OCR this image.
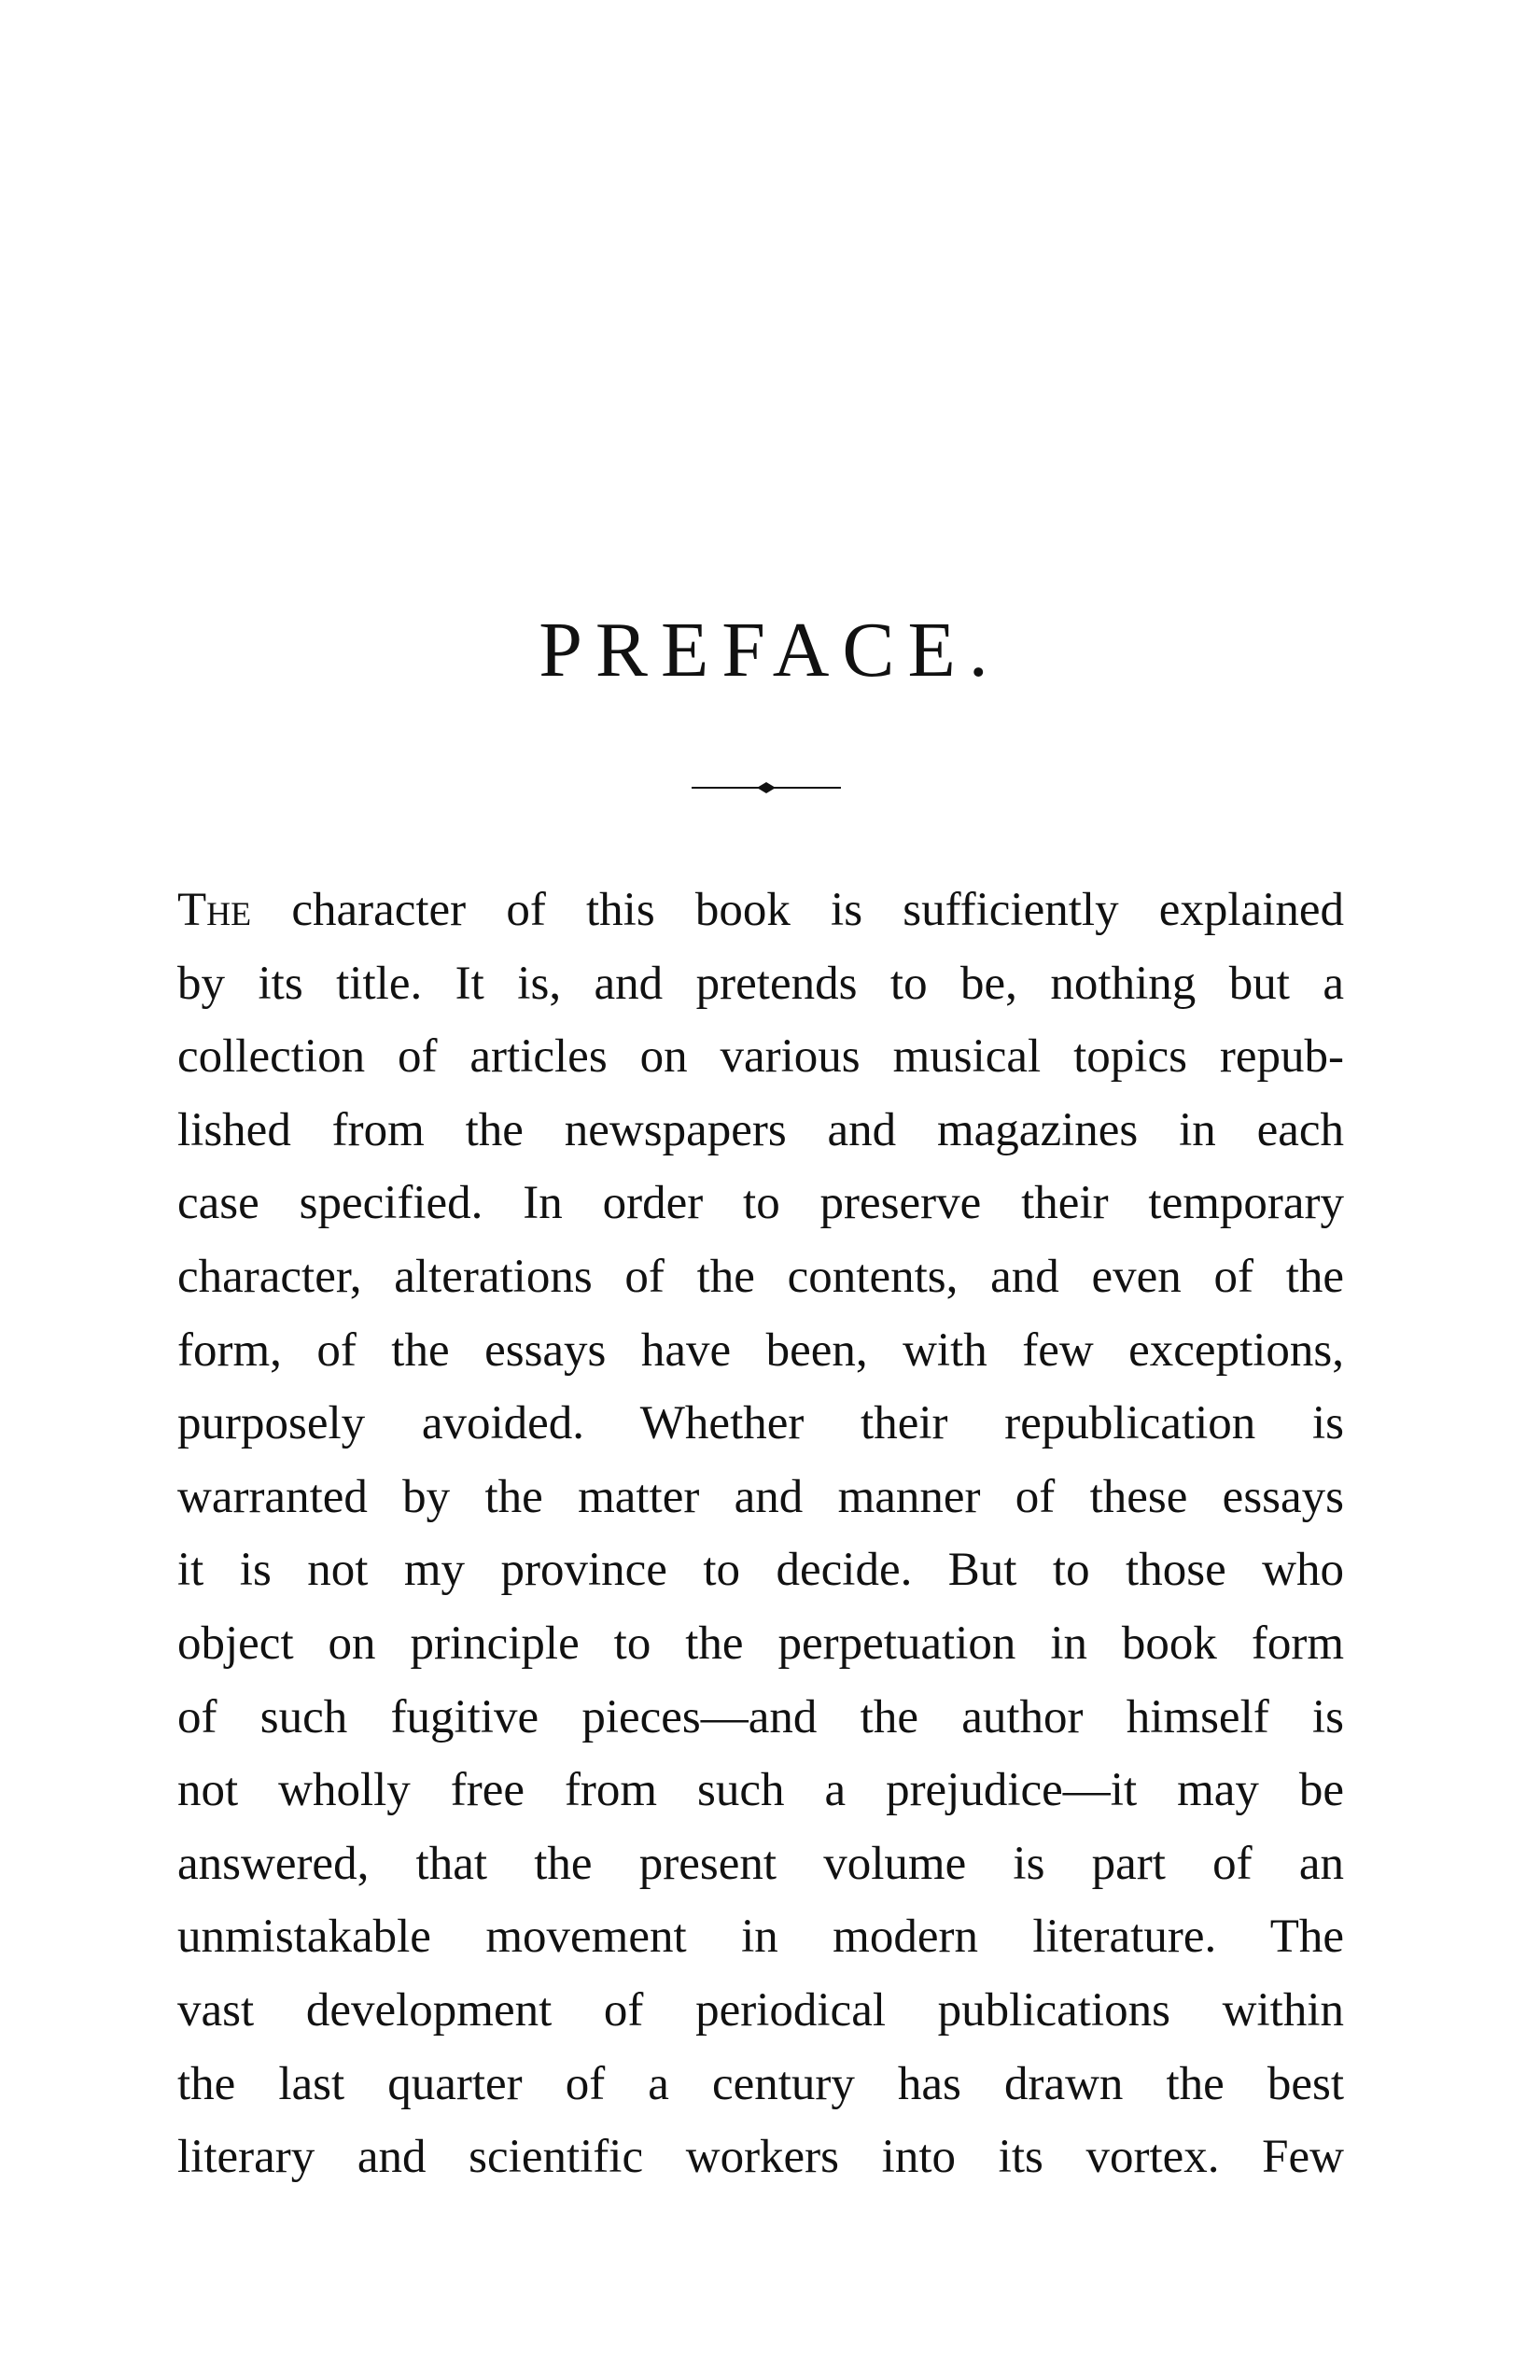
PREFACE.
The character of this book is sufficiently explained
by its title. It is, and pretends to be, nothing but a
collection of articles on various musical topics repub-
lished from the newspapers and magazines in each
case specified. In order to preserve their temporary
character, alterations of the contents, and even of the
form, of the essays have been, with few exceptions,
purposely avoided. Whether their republication is
warranted by the matter and manner of these essays
it is not my province to decide. But to those who
object on principle to the perpetuation in book form
of such fugitive pieces—and the author himself is
not wholly free from such a prejudice—it may be
answered, that the present volume is part of an
unmistakable movement in modern literature. The
vast development of periodical publications within
the last quarter of a century has drawn the best
literary and scientific workers into its vortex. Few
